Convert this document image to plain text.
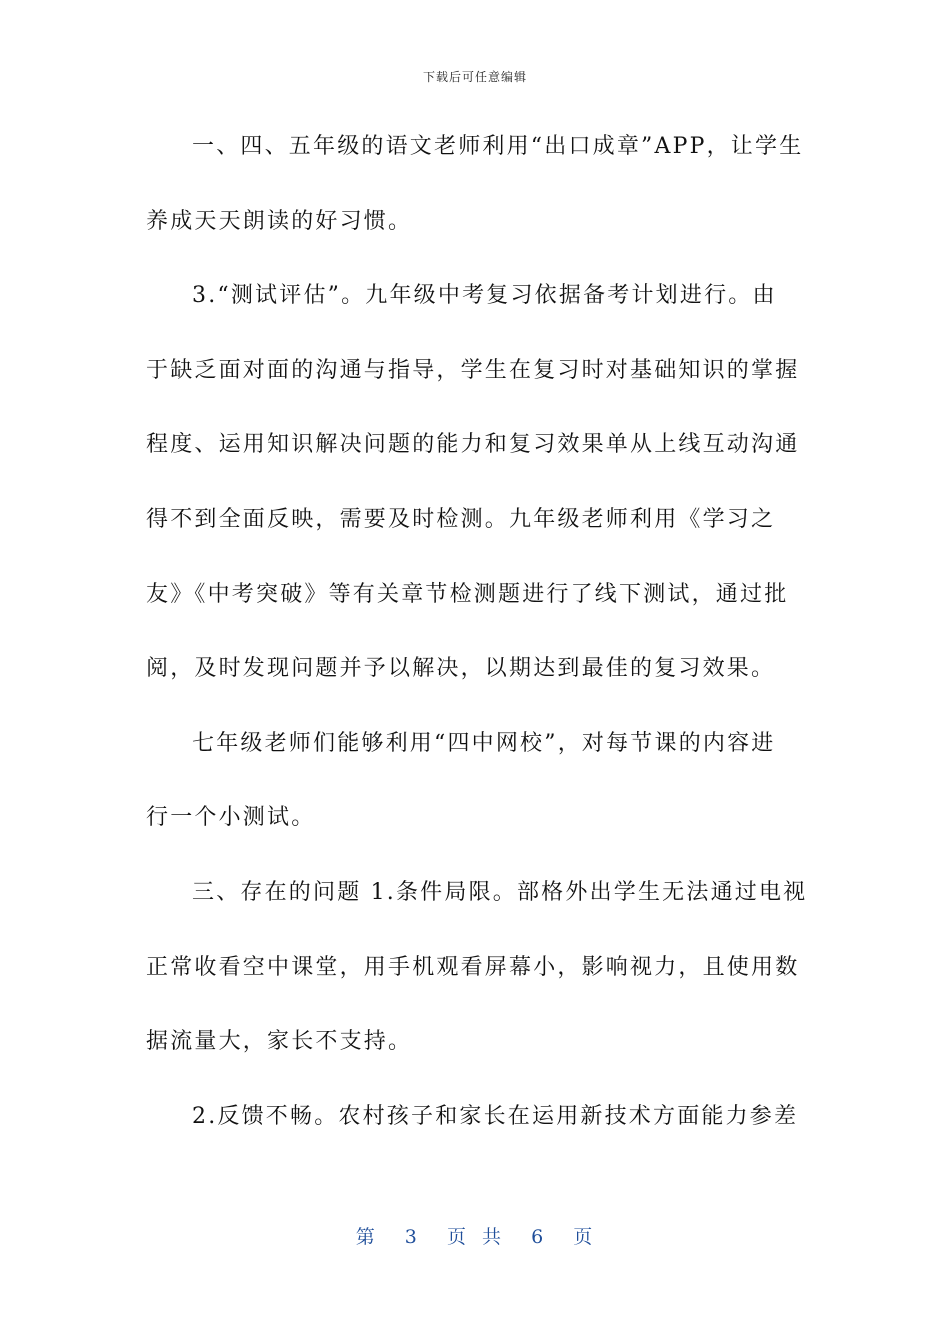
下载后可任意编辑
一、四、五年级的语文老师利用“出口成章”APP，让学生
养成天天朗读的好习惯。
3.“测试评估”。九年级中考复习依据备考计划进行。由
于缺乏面对面的沟通与指导，学生在复习时对基础知识的掌握
程度、运用知识解决问题的能力和复习效果单从上线互动沟通
得不到全面反映，需要及时检测。九年级老师利用《学习之
友》《中考突破》等有关章节检测题进行了线下测试，通过批
阅，及时发现问题并予以解决，以期达到最佳的复习效果。
七年级老师们能够利用“四中网校”，对每节课的内容进
行一个小测试。
三、存在的问题 1.条件局限。部格外出学生无法通过电视
正常收看空中课堂，用手机观看屏幕小，影响视力，且使用数
据流量大，家长不支持。
2.反馈不畅。农村孩子和家长在运用新技术方面能力参差
第  3  页 共  6  页
